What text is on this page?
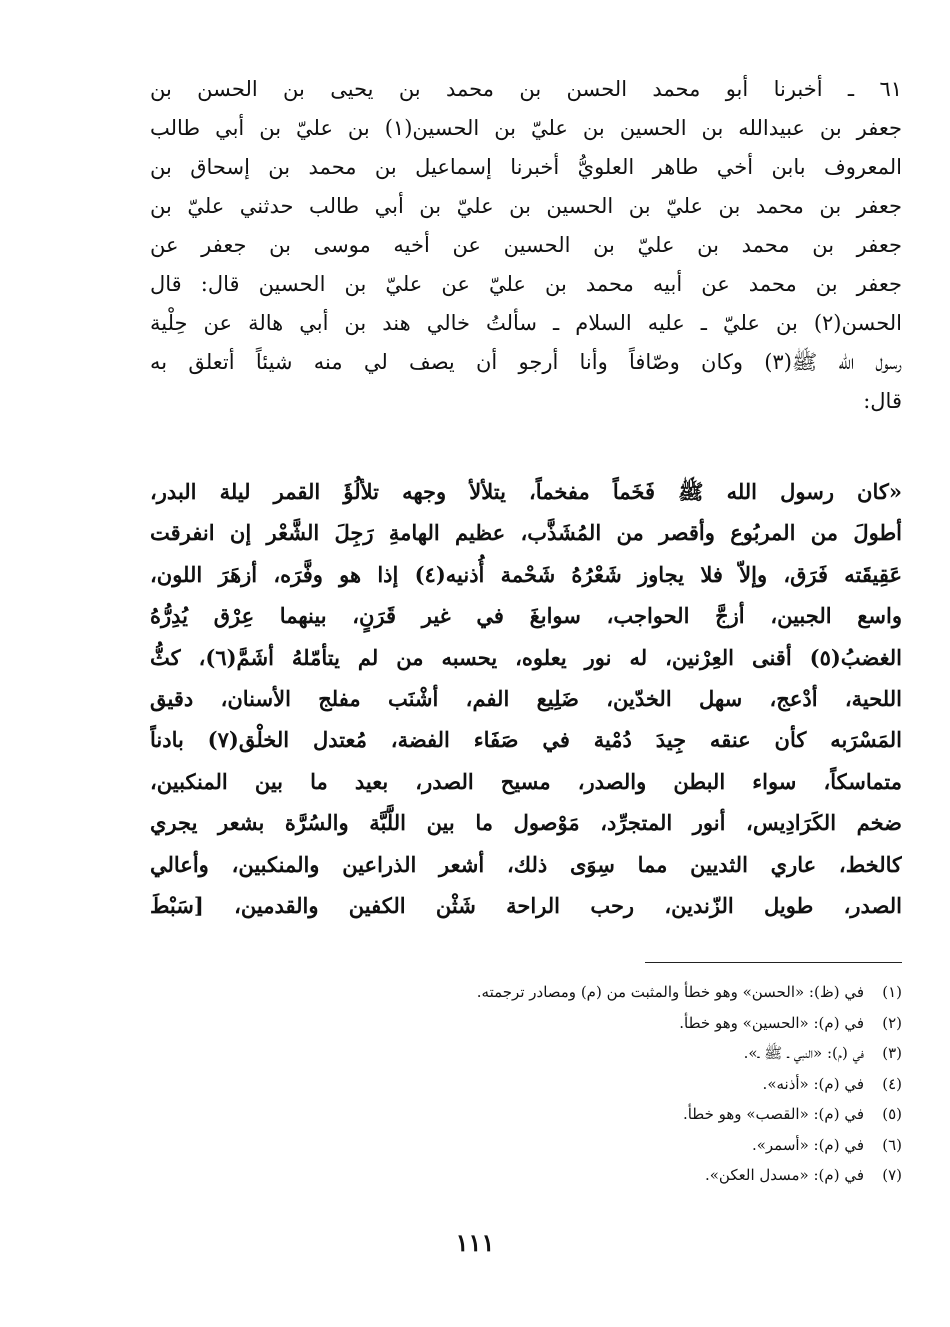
٦١ ـ أخبرنا أبو محمد الحسن بن محمد بن يحيى بن الحسن بن
جعفر بن عبيدالله بن الحسين بن عليّ بن الحسين(١) بن عليّ بن أبي طالب
المعروف بابن أخي طاهر العلويُّ أخبرنا إسماعيل بن محمد بن إسحاق بن
جعفر بن محمد بن عليّ بن الحسين بن عليّ بن أبي طالب حدثني عليّ بن
جعفر بن محمد بن عليّ بن الحسين عن أخيه موسى بن جعفر عن
جعفر بن محمد عن أبيه محمد بن عليّ عن عليّ بن الحسين قال: قال
الحسن(٢) بن عليّ ـ عليه السلام ـ سألتُ خالي هند بن أبي هالة عن حِلْية
رسول الله ﷺ(٣) وكان وصّافاً وأنا أرجو أن يصف لي منه شيئاً أتعلق به
قال:
«كان رسول الله ﷺ فَخَماً مفخماً، يتلألأ وجهه تلألُؤَ القمر ليلة البدر،
أطولَ من المربُوع وأقصر من المُشَذَّب، عظيم الهامةِ رَجِلَ الشَّعْر إن انفرقت
عَقِيقَته فَرَق، وإلاّ فلا يجاوز شَعْرُهُ شَحْمة أُذنيه(٤) إذا هو وفَّرَه، أزهَرَ اللون،
واسع الجبين، أزجَّ الحواجب، سوابغَ في غير قَرَنٍ، بينهما عِرْق يُدِرُّهُ
الغضبُ(٥) أقنى العِرْنين، له نور يعلوه، يحسبه من لم يتأمّلهُ أشَمَّ(٦)، كثُّ
اللحية، أدْعج، سهل الخدّين، ضَلِيع الفم، أشْنَب مفلج الأسنان، دقيق
المَسْرَبه كأن عنقه جِيدَ دُمْية في صَفَاء الفضة، مُعتدل الخلْق(٧) بادناً
متماسكاً، سواء البطن والصدر، مسيح الصدر، بعيد ما بين المنكبين،
ضخم الكَرَادِيس، أنور المتجرِّد، مَوْصول ما بين اللَّبَّة والسُرَّة بشعر يجري
كالخط، عاري الثديين مما سِوَى ذلك، أشعر الذراعين والمنكبين، وأعالي
الصدر، طويل الزّندين، رحب الراحة شَثْن الكفين والقدمين، [سَبْطَ
(١)في (ظ): «الحسن» وهو خطأ والمثبت من (م) ومصادر ترجمته.
(٢)في (م): «الحسين» وهو خطأ.
(٣)في (م): «النبي ـ ﷺ ـ».
(٤)في (م): «أذنه».
(٥)في (م): «القصب» وهو خطأ.
(٦)في (م): «أسمر».
(٧)في (م): «مسدل العكن».
١١١
